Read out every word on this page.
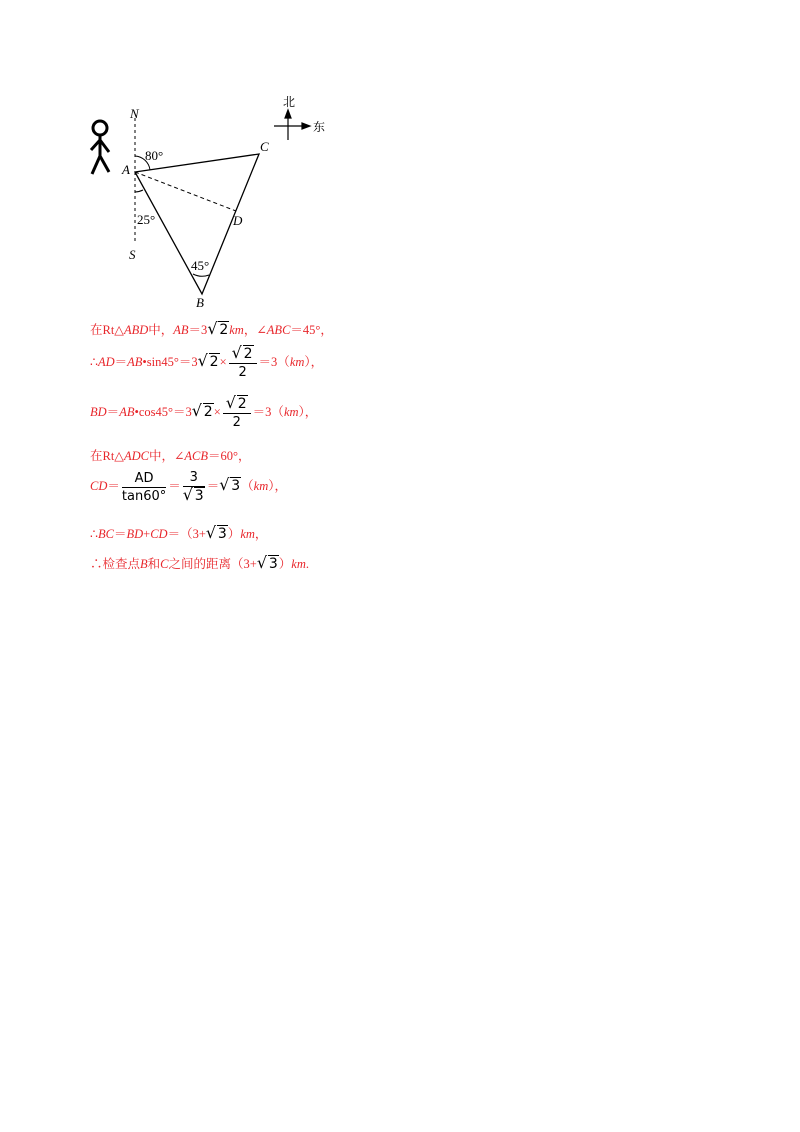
N
S
A
B
C
D
80°
25°
45°
北
东
在Rt△ABD中，AB＝3 √ 2km，∠ABC＝45°，
∴AD＝AB•sin45°＝3 √ 2× √ $\frac{2}{2} =3(km)$，
BD＝AB•cos45°＝3 √ 2× √ $\frac{2}{2} =3(km)$，
在Rt△ADC中，∠ACB＝60°，
$CD= \frac{AD}{\tan 60^\circ} = 3$
√ 3 ＝ √ 3（km），
∴BC＝BD+CD＝（3+ √ 3）km，
∴检查点B和C之间的距离（3+ √ 3）km.
